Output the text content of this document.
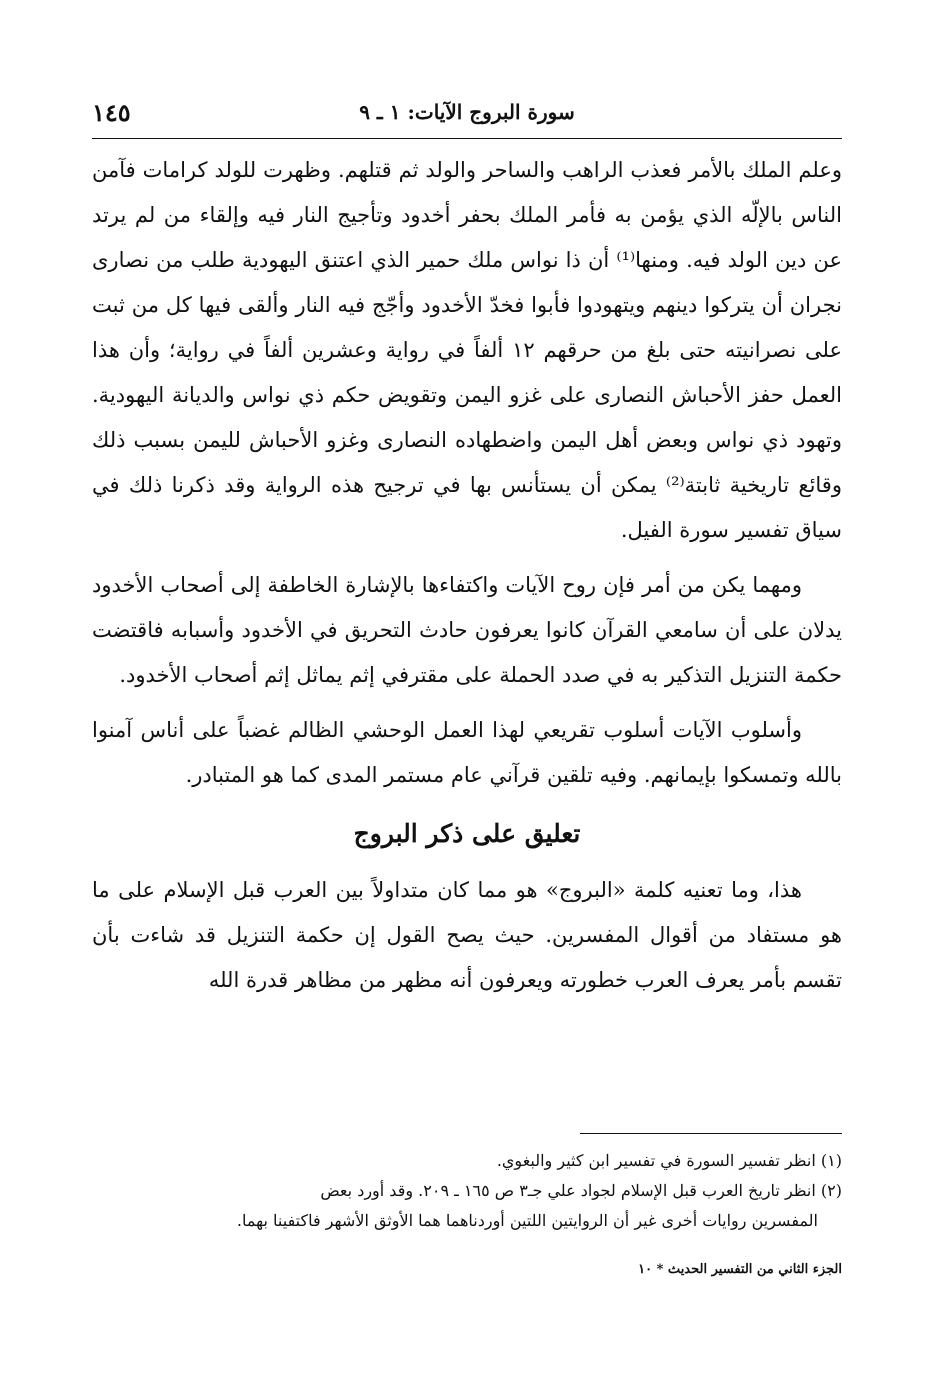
سورة البروج الآيات: ١ ـ ٩
١٤٥

وعلم الملك بالأمر فعذب الراهب والساحر والولد ثم قتلهم. وظهرت للولد كرامات فآمن الناس بالإلّه الذي يؤمن به فأمر الملك بحفر أخدود وتأجيج النار فيه وإلقاء من لم يرتد عن دين الولد فيه. ومنها⁽¹⁾ أن ذا نواس ملك حمير الذي اعتنق اليهودية طلب من نصارى نجران أن يتركوا دينهم ويتهودوا فأبوا فخدّ الأخدود وأجّج فيه النار وألقى فيها كل من ثبت على نصرانيته حتى بلغ من حرقهم ١٢ ألفاً في رواية وعشرين ألفاً في رواية؛ وأن هذا العمل حفز الأحباش النصارى على غزو اليمن وتقويض حكم ذي نواس والديانة اليهودية. وتهود ذي نواس وبعض أهل اليمن واضطهاده النصارى وغزو الأحباش لليمن بسبب ذلك وقائع تاريخية ثابتة⁽²⁾ يمكن أن يستأنس بها في ترجيح هذه الرواية وقد ذكرنا ذلك في سياق تفسير سورة الفيل.

ومهما يكن من أمر فإن روح الآيات واكتفاءها بالإشارة الخاطفة إلى أصحاب الأخدود يدلان على أن سامعي القرآن كانوا يعرفون حادث التحريق في الأخدود وأسبابه فاقتضت حكمة التنزيل التذكير به في صدد الحملة على مقترفي إثم يماثل إثم أصحاب الأخدود.

وأسلوب الآيات أسلوب تقريعي لهذا العمل الوحشي الظالم غضباً على أناس آمنوا بالله وتمسكوا بإيمانهم. وفيه تلقين قرآني عام مستمر المدى كما هو المتبادر.

تعليق على ذكر البروج

هذا، وما تعنيه كلمة «البروج» هو مما كان متداولاً بين العرب قبل الإسلام على ما هو مستفاد من أقوال المفسرين. حيث يصح القول إن حكمة التنزيل قد شاءت بأن تقسم بأمر يعرف العرب خطورته ويعرفون أنه مظهر من مظاهر قدرة الله

(١) انظر تفسير السورة في تفسير ابن كثير والبغوي.

(٢) انظر تاريخ العرب قبل الإسلام لجواد علي جـ٣ ص ١٦٥ ـ ٢٠٩. وقد أورد بعض

المفسرين روايات أخرى غير أن الروايتين اللتين أوردناهما هما الأوثق الأشهر فاكتفينا بهما.

الجزء الثاني من التفسير الحديث * ١٠
